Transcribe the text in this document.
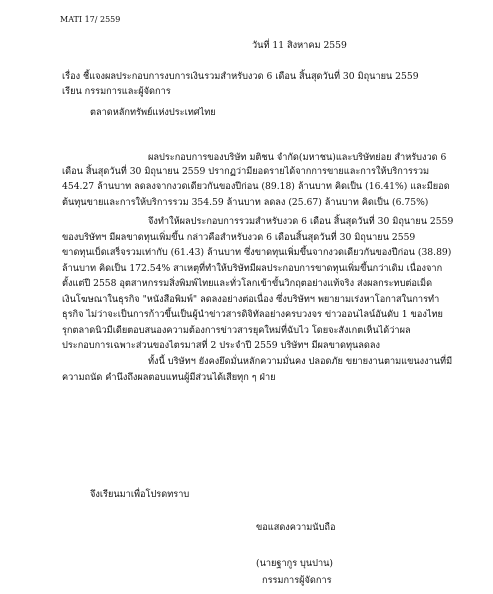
MATI 17/ 2559
วันที่ 11 สิงหาคม 2559
เรื่อง ชี้แจงผลประกอบการงบการเงินรวมสำหรับงวด 6 เดือน สิ้นสุดวันที่ 30 มิถุนายน 2559
เรียน กรรมการและผู้จัดการ
ตลาดหลักทรัพย์แห่งประเทศไทย
ผลประกอบการของบริษัท มติชน จำกัด(มหาชน)และบริษัทย่อย สำหรับงวด 6
เดือน สิ้นสุดวันที่ 30 มิถุนายน 2559 ปรากฏว่ามียอดรายได้จากการขายและการให้บริการรวม
454.27 ล้านบาท ลดลงจากงวดเดียวกันของปีก่อน (89.18) ล้านบาท คิดเป็น (16.41%) และมียอด
ต้นทุนขายและการให้บริการรวม 354.59 ล้านบาท ลดลง (25.67) ล้านบาท คิดเป็น (6.75%)
จึงทำให้ผลประกอบการรวมสำหรับงวด 6 เดือน สิ้นสุดวันที่ 30 มิถุนายน 2559
ของบริษัทฯ มีผลขาดทุนเพิ่มขึ้น กล่าวคือสำหรับงวด 6 เดือนสิ้นสุดวันที่ 30 มิถุนายน 2559
ขาดทุนเบ็ดเสร็จรวมเท่ากับ (61.43) ล้านบาท ซึ่งขาดทุนเพิ่มขึ้นจากงวดเดียวกันของปีก่อน (38.89)
ล้านบาท คิดเป็น 172.54% สาเหตุที่ทำให้บริษัทมีผลประกอบการขาดทุนเพิ่มขึ้นกว่าเดิม เนื่องจาก
ตั้งแต่ปี 2558 อุตสาหกรรมสิ่งพิมพ์ไทยและทั่วโลกเข้าขั้นวิกฤตอย่างแท้จริง ส่งผลกระทบต่อเม็ด
เงินโฆษณาในธุรกิจ "หนังสือพิมพ์" ลดลงอย่างต่อเนื่อง ซึ่งบริษัทฯ พยายามเร่งหาโอกาสในการทำ
ธุรกิจ ไม่ว่าจะเป็นการก้าวขึ้นเป็นผู้นำข่าวสารดิจิทัลอย่างครบวงจร ข่าวออนไลน์อันดับ 1 ของไทย
รุกตลาดนิวมีเดียตอบสนองความต้องการข่าวสารยุคใหม่ที่ฉับไว โดยจะสังเกตเห็นได้ว่าผล
ประกอบการเฉพาะส่วนของไตรมาสที่ 2 ประจำปี 2559 บริษัทฯ มีผลขาดทุนลดลง
ทั้งนี้ บริษัทฯ ยังคงยึดมั่นหลักความมั่นคง ปลอดภัย ขยายงานตามแขนงงานที่มี
ความถนัด คำนึงถึงผลตอบแทนผู้มีส่วนได้เสียทุก ๆ ฝ่าย
จึงเรียนมาเพื่อโปรดทราบ
ขอแสดงความนับถือ
(นายฐากูร บุนปาน)
กรรมการผู้จัดการ
